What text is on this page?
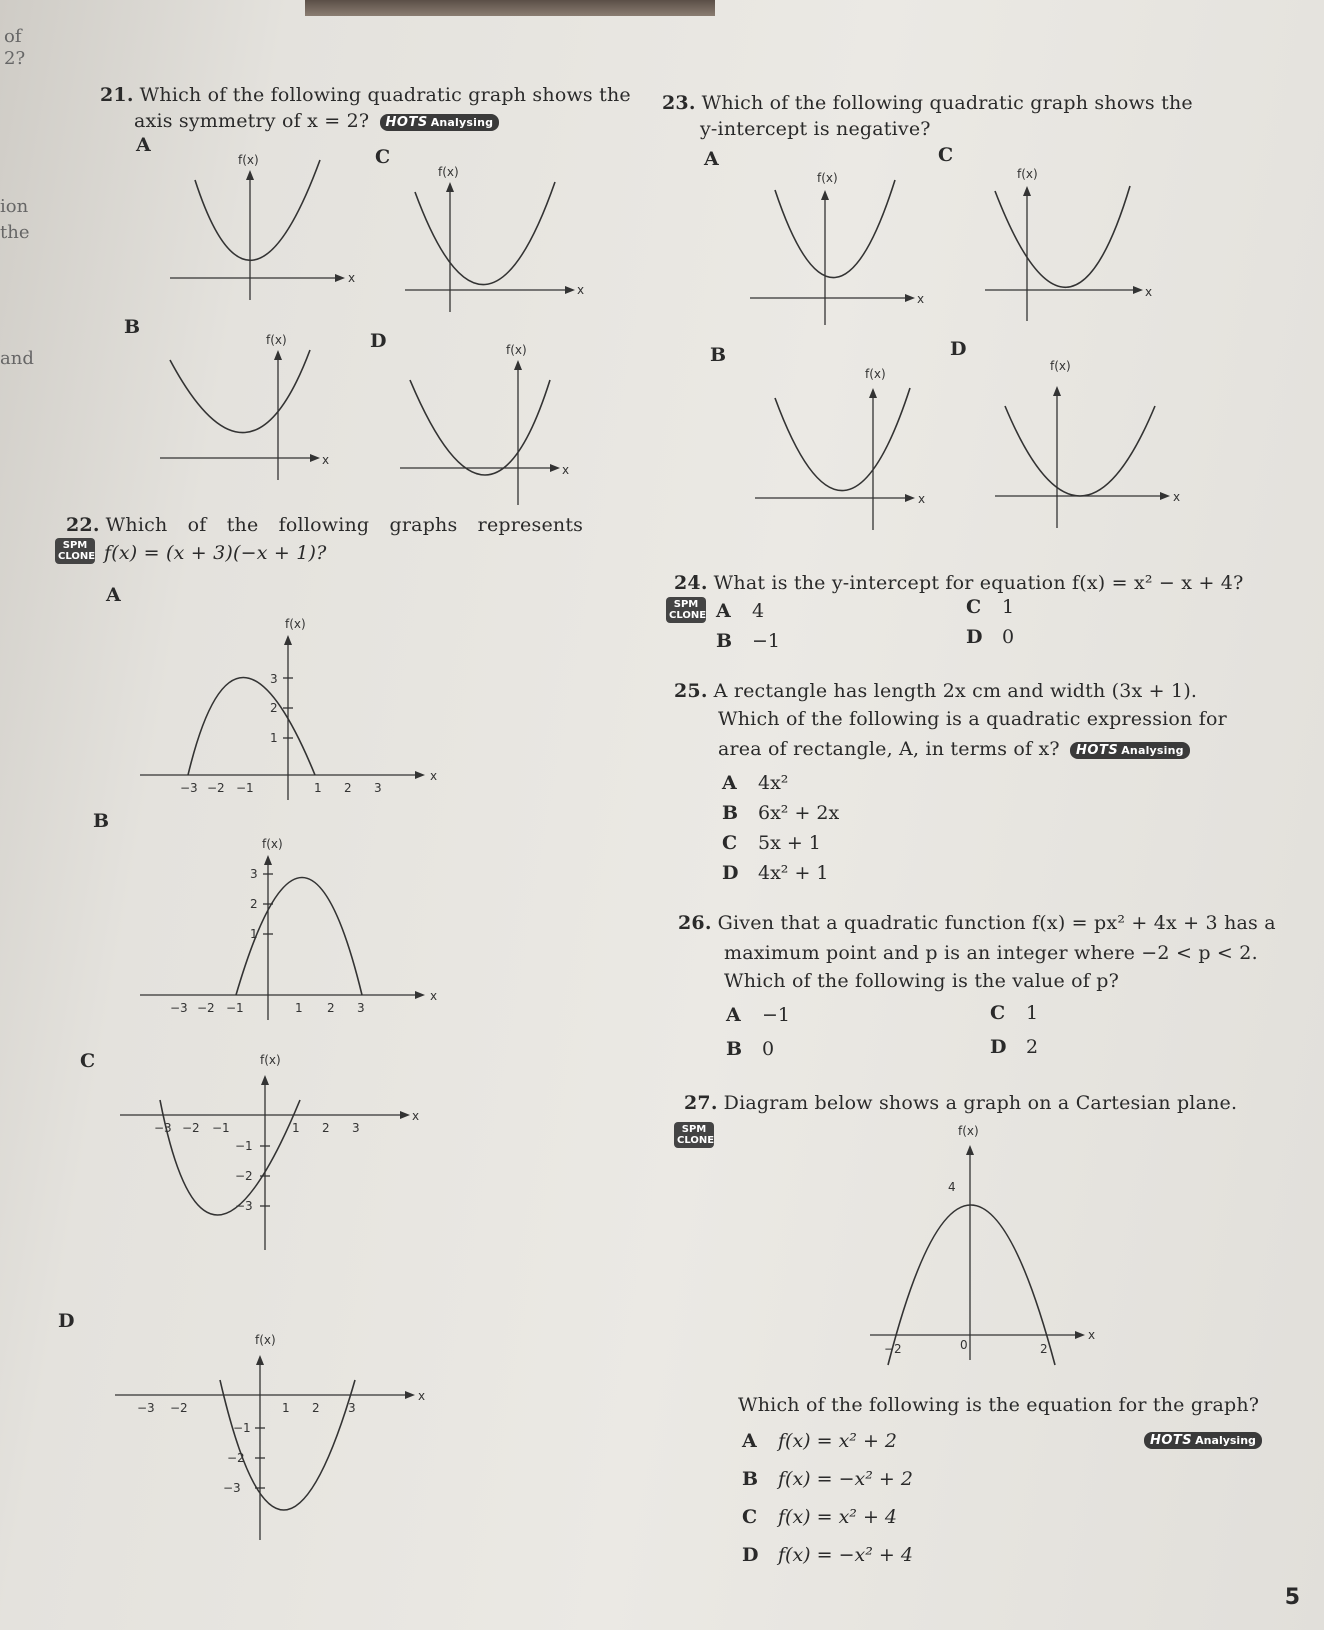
of
2?
ion
the
and
21. Which of the following quadratic graph shows the
axis symmetry of x = 2? HOTS Analysing
A
C
B
D
f(x)
x
f(x)
x
f(x)
x
f(x)
x
22. Which of the following graphs represents
SPM
CLONE f(x) = (x + 3)(−x + 1)?
A
B
C
D
f(x)
x
−3 −2 −1	1 2 3
3
2
1
f(x)
x
−3 −2 −1	1 2 3
3
2
1
f(x)
x
−3 −2 −1	1 2 3
−1
−2
−3
f(x)
x
−3 −2	1 2 3
−1
−2
−3
23. Which of the following quadratic graph shows the
y-intercept is negative?
A	C
B	D
f(x)
x
f(x)
x
f(x)
x
f(x)
x
24. What is the y-intercept for equation f(x) = x² − x + 4?
SPM
CLONE A 4
B −1
C 1
D 0
25. A rectangle has length 2x cm and width (3x + 1).
Which of the following is a quadratic expression for
area of rectangle, A, in terms of x? HOTS Analysing
A 4x²
B 6x² + 2x
C 5x + 1
D 4x² + 1
26. Given that a quadratic function f(x) = px² + 4x + 3 has a
maximum point and p is an integer where −2 < p < 2.
Which of the following is the value of p?
A −1
B 0
C 1
D 2
27. Diagram below shows a graph on a Cartesian plane.
SPM
CLONE
f(x)
x
4
−2	0	2
Which of the following is the equation for the graph?
A f(x) = x² + 2	HOTS Analysing
B f(x) = −x² + 2
C f(x) = x² + 4
D f(x) = −x² + 4
5
